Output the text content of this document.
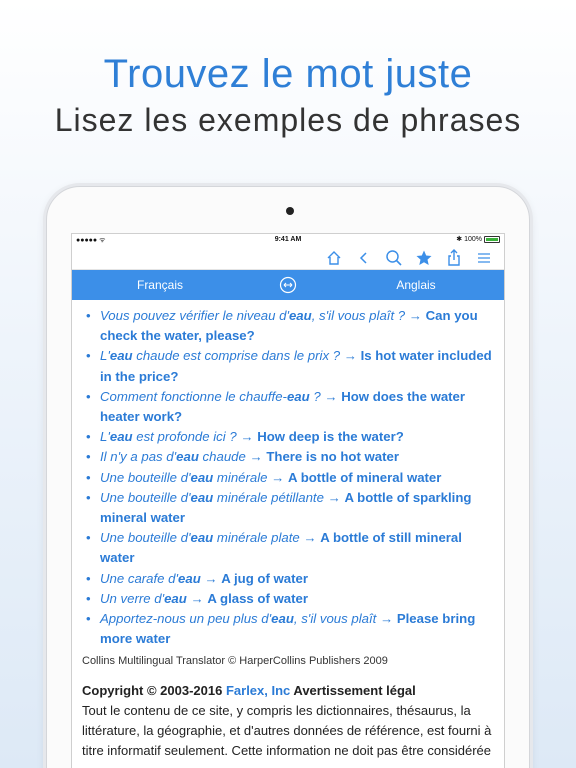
Trouvez le mot juste
Lisez les exemples de phrases
●●●●● ᯤ	9:41 AM	✱ 100%
Français	Anglais
• Vous pouvez vérifier le niveau d'eau, s'il vous plaît ? → Can you check the water, please?
• L'eau chaude est comprise dans le prix ? → Is hot water included in the price?
• Comment fonctionne le chauffe-eau ? → How does the water heater work?
• L'eau est profonde ici ? → How deep is the water?
• Il n'y a pas d'eau chaude → There is no hot water
• Une bouteille d'eau minérale → A bottle of mineral water
• Une bouteille d'eau minérale pétillante → A bottle of sparkling mineral water
• Une bouteille d'eau minérale plate → A bottle of still mineral water
• Une carafe d'eau → A jug of water
• Un verre d'eau → A glass of water
• Apportez-nous un peu plus d'eau, s'il vous plaît → Please bring more water
Collins Multilingual Translator © HarperCollins Publishers 2009
Copyright © 2003-2016 Farlex, Inc Avertissement légal
Tout le contenu de ce site, y compris les dictionnaires, thésaurus, la littérature, la géographie, et d'autres données de référence, est fourni à titre informatif seulement. Cette information ne doit pas être considérée
